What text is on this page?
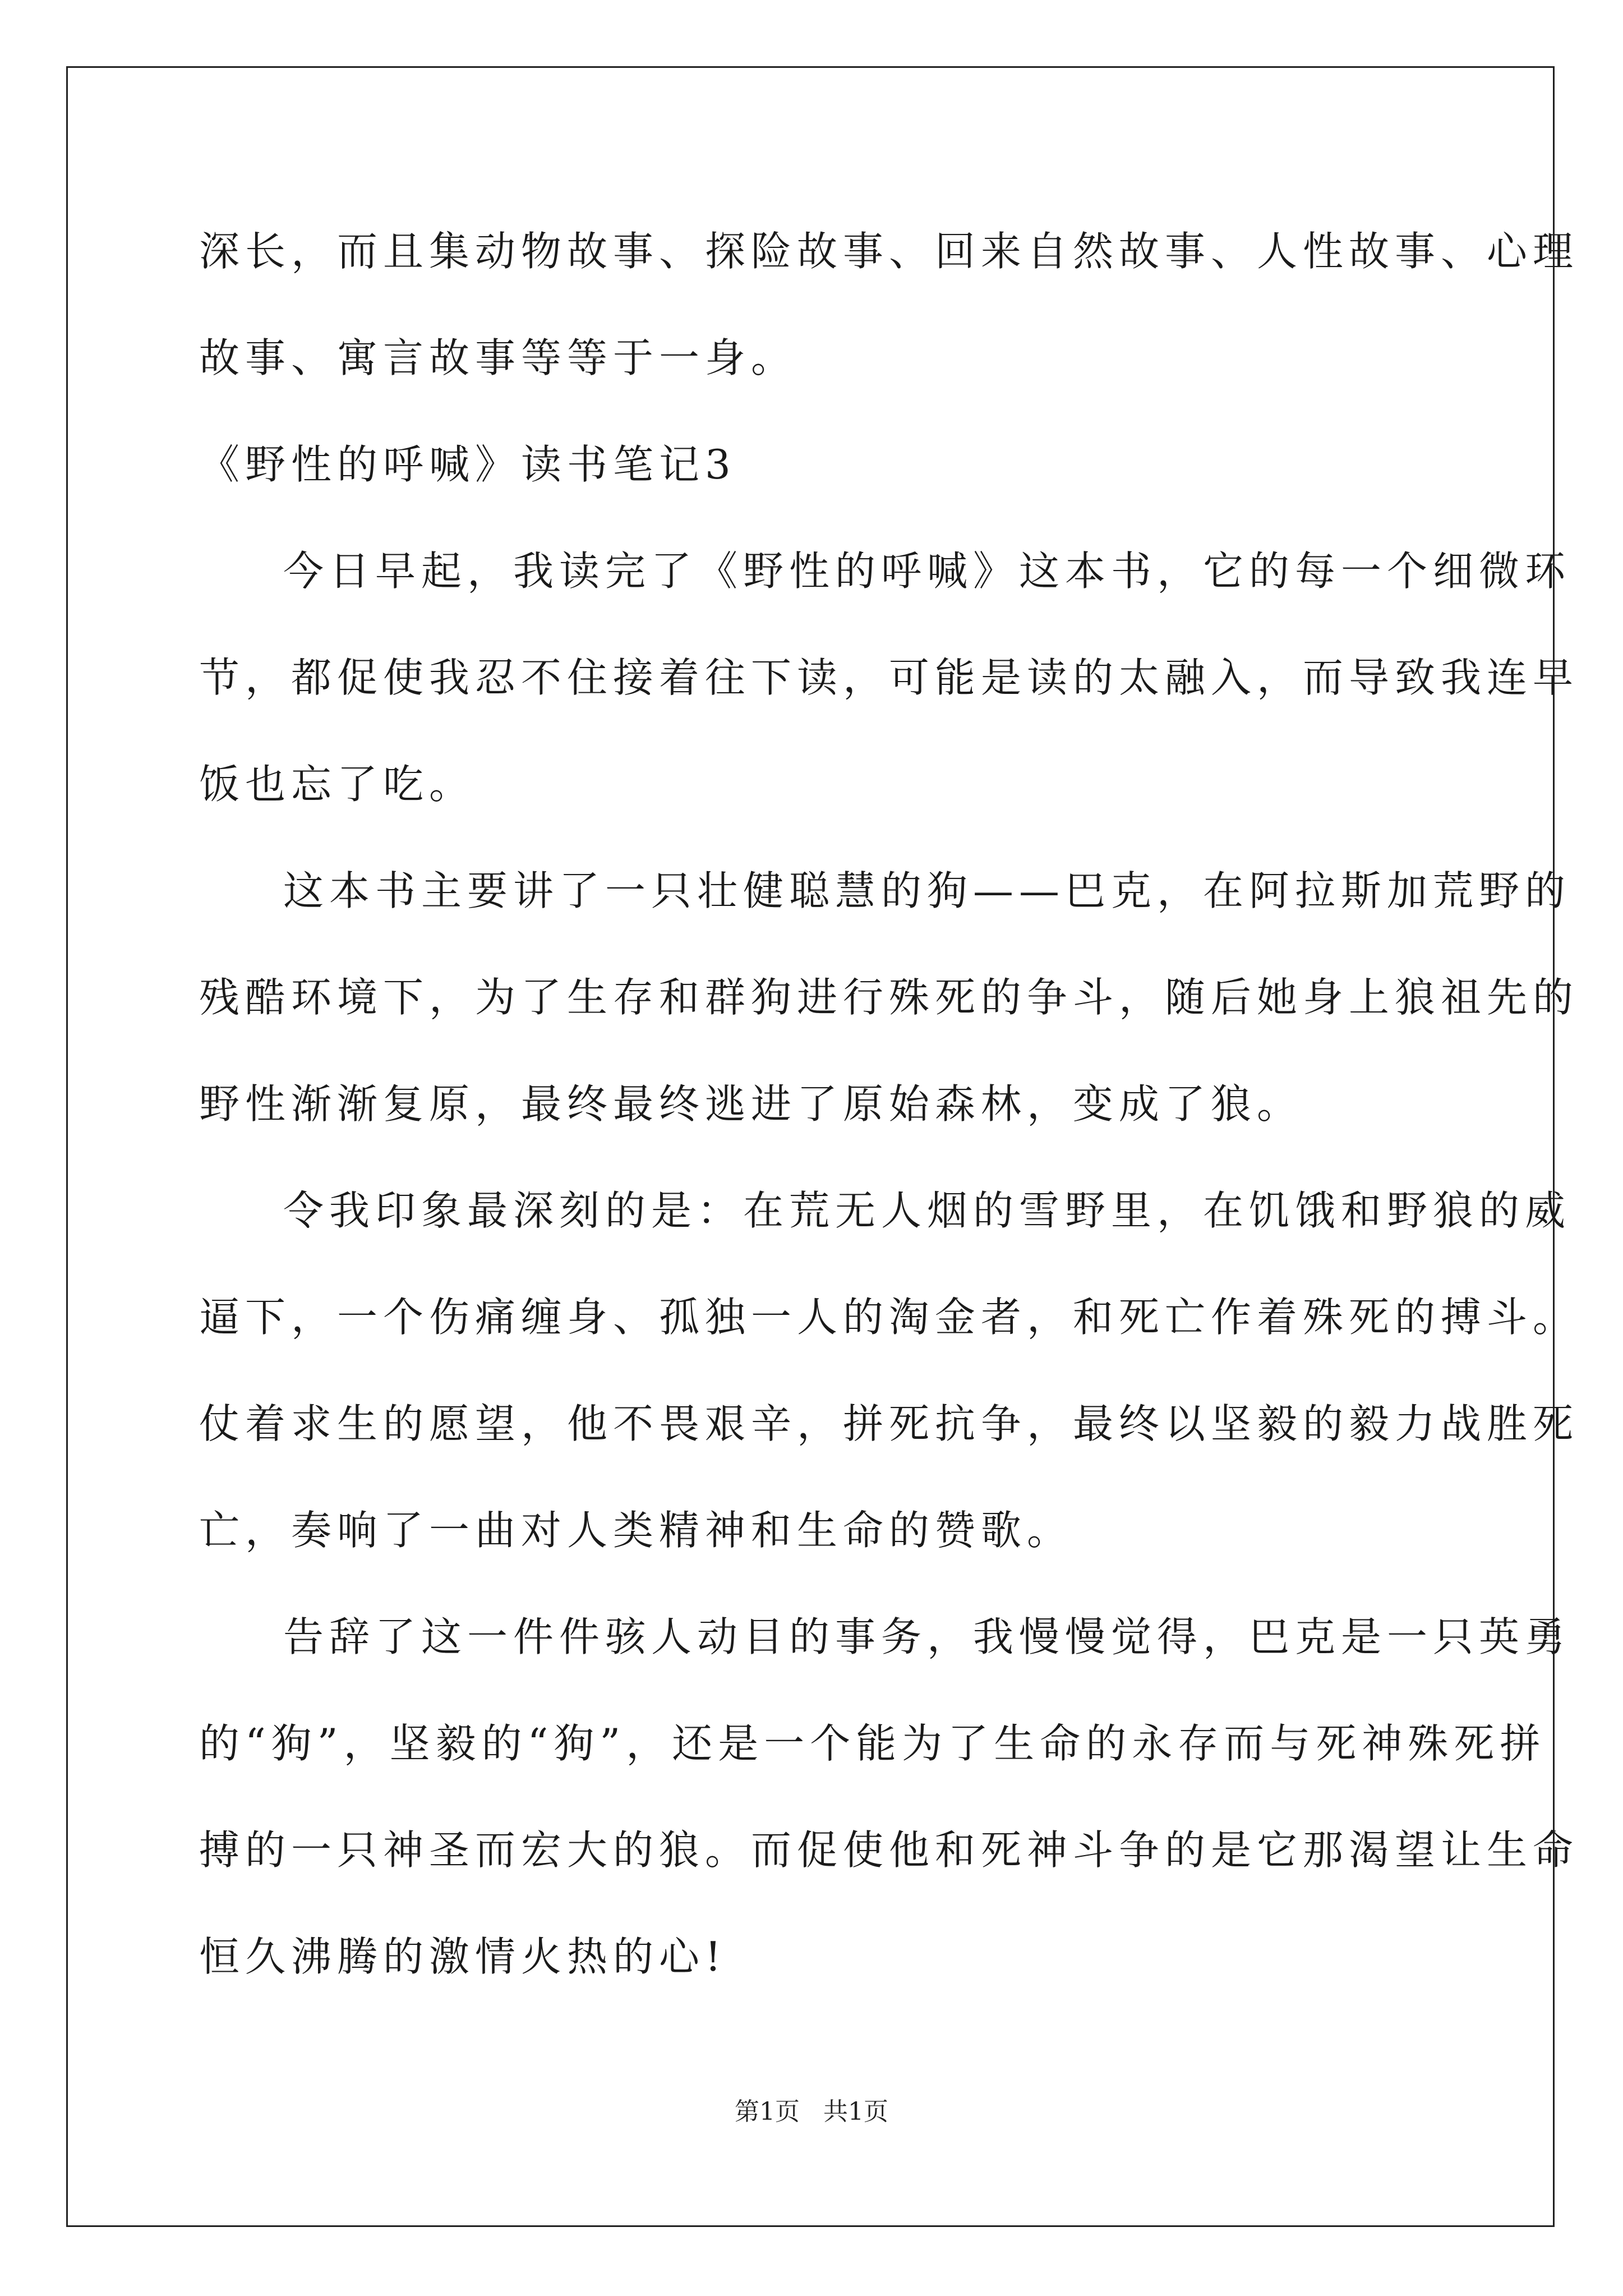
深长，而且集动物故事、探险故事、回来自然故事、人性故事、心理
故事、寓言故事等等于一身。
《野性的呼喊》读书笔记3
今日早起，我读完了《野性的呼喊》这本书，它的每一个细微环
节，都促使我忍不住接着往下读，可能是读的太融入，而导致我连早
饭也忘了吃。
这本书主要讲了一只壮健聪慧的狗——巴克，在阿拉斯加荒野的
残酷环境下，为了生存和群狗进行殊死的争斗，随后她身上狼祖先的
野性渐渐复原，最终最终逃进了原始森林，变成了狼。
令我印象最深刻的是：在荒无人烟的雪野里，在饥饿和野狼的威
逼下，一个伤痛缠身、孤独一人的淘金者，和死亡作着殊死的搏斗。
仗着求生的愿望，他不畏艰辛，拼死抗争，最终以坚毅的毅力战胜死
亡，奏响了一曲对人类精神和生命的赞歌。
告辞了这一件件骇人动目的事务，我慢慢觉得，巴克是一只英勇
的“狗”，坚毅的“狗”，还是一个能为了生命的永存而与死神殊死拼
搏的一只神圣而宏大的狼。而促使他和死神斗争的是它那渴望让生命
恒久沸腾的激情火热的心!
第1页   共1页
